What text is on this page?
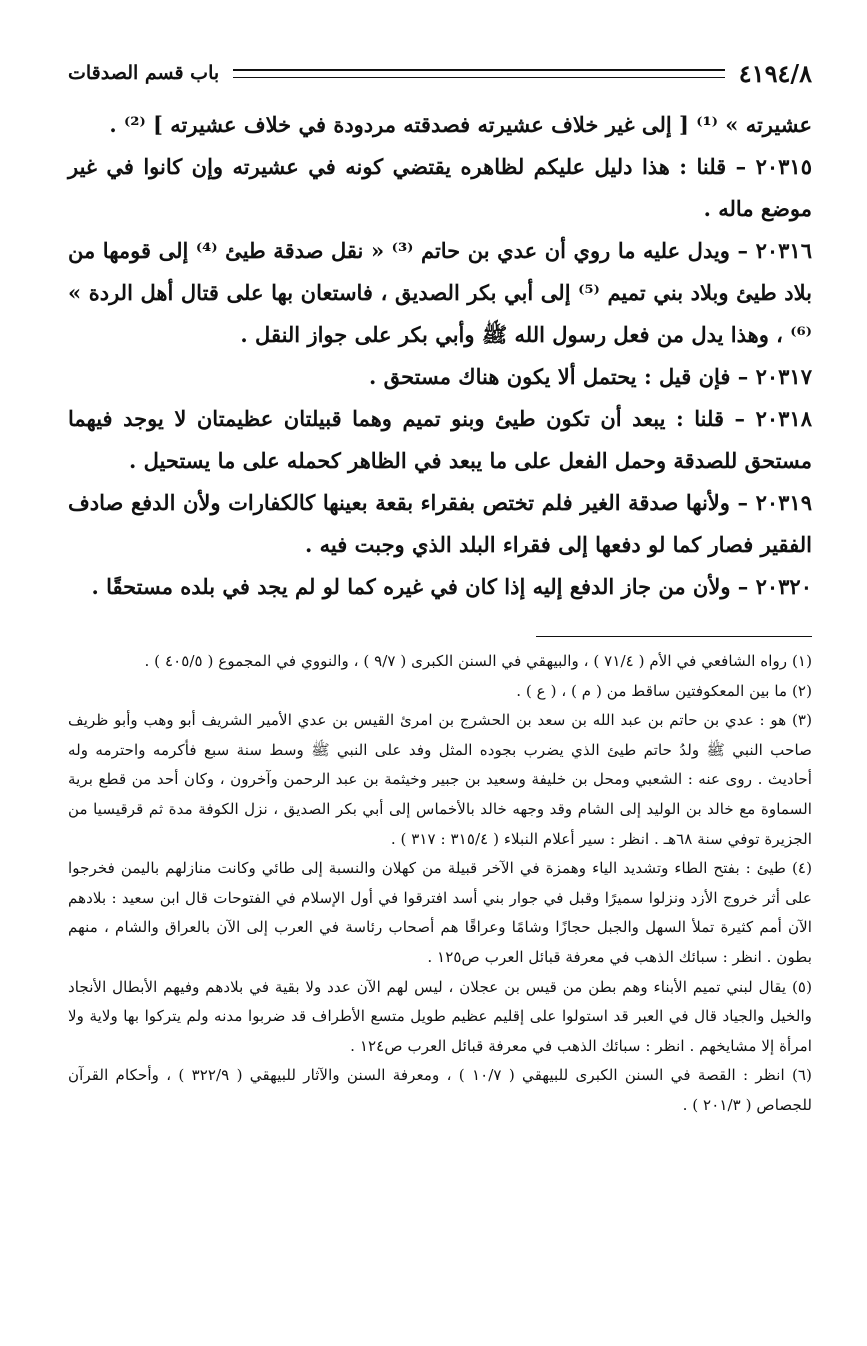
٤١٩٤/٨
باب قسم الصدقات

عشيرته » ⁽¹⁾ [ إلى غير خلاف عشيرته فصدقته مردودة في خلاف عشيرته ] ⁽²⁾ .

٢٠٣١٥ – قلنا : هذا دليل عليكم لظاهره يقتضي كونه في عشيرته وإن كانوا في غير موضع ماله .

٢٠٣١٦ – ويدل عليه ما روي أن عدي بن حاتم ⁽³⁾ « نقل صدقة طيئ ⁽⁴⁾ إلى قومها من بلاد طيئ وبلاد بني تميم ⁽⁵⁾ إلى أبي بكر الصديق ، فاستعان بها على قتال أهل الردة » ⁽⁶⁾ ، وهذا يدل من فعل رسول الله ﷺ وأبي بكر على جواز النقل .

٢٠٣١٧ – فإن قيل : يحتمل ألا يكون هناك مستحق .

٢٠٣١٨ – قلنا : يبعد أن تكون طيئ وبنو تميم وهما قبيلتان عظيمتان لا يوجد فيهما مستحق للصدقة وحمل الفعل على ما يبعد في الظاهر كحمله على ما يستحيل .

٢٠٣١٩ – ولأنها صدقة الغير فلم تختص بفقراء بقعة بعينها كالكفارات ولأن الدفع صادف الفقير فصار كما لو دفعها إلى فقراء البلد الذي وجبت فيه .

٢٠٣٢٠ – ولأن من جاز الدفع إليه إذا كان في غيره كما لو لم يجد في بلده مستحقًا .

(١) رواه الشافعي في الأم ( ٧١/٤ ) ، والبيهقي في السنن الكبرى ( ٩/٧ ) ، والنووي في المجموع ( ٤٠٥/٥ ) .

(٢) ما بين المعكوفتين ساقط من ( م ) ، ( ع ) .

(٣) هو : عدي بن حاتم بن عبد الله بن سعد بن الحشرج بن امرئ القيس بن عدي الأمير الشريف أبو وهب وأبو ظريف صاحب النبي ﷺ ولدُ حاتم طيئ الذي يضرب بجوده المثل وفد على النبي ﷺ وسط سنة سبع فأكرمه واحترمه وله أحاديث . روى عنه : الشعبي ومحل بن خليفة وسعيد بن جبير وخيثمة بن عبد الرحمن وآخرون ، وكان أحد من قطع برية السماوة مع خالد بن الوليد إلى الشام وقد وجهه خالد بالأخماس إلى أبي بكر الصديق ، نزل الكوفة مدة ثم قرقيسيا من الجزيرة توفي سنة ٦٨هـ . انظر : سير أعلام النبلاء ( ٣١٥/٤ : ٣١٧ ) .

(٤) طيئ : بفتح الطاء وتشديد الياء وهمزة في الآخر قبيلة من كهلان والنسبة إلى طائي وكانت منازلهم باليمن فخرجوا على أثر خروج الأزد ونزلوا سميرًا وقبل في جوار بني أسد افترقوا في أول الإسلام في الفتوحات قال ابن سعيد : بلادهم الآن أمم كثيرة تملأ السهل والجبل حجازًا وشامًا وعراقًا هم أصحاب رئاسة في العرب إلى الآن بالعراق والشام ، منهم بطون . انظر : سبائك الذهب في معرفة قبائل العرب ص١٢٥ .

(٥) يقال لبني تميم الأبناء وهم بطن من قيس بن عجلان ، ليس لهم الآن عدد ولا بقية في بلادهم وفيهم الأبطال الأنجاد والخيل والجياد قال في العبر قد استولوا على إقليم عظيم طويل متسع الأطراف قد ضربوا مدنه ولم يتركوا بها ولاية ولا امرأة إلا مشايخهم . انظر : سبائك الذهب في معرفة قبائل العرب ص١٢٤ .

(٦) انظر : القصة في السنن الكبرى للبيهقي ( ١٠/٧ ) ، ومعرفة السنن والآثار للبيهقي ( ٣٢٢/٩ ) ، وأحكام القرآن للجصاص ( ٢٠١/٣ ) .
